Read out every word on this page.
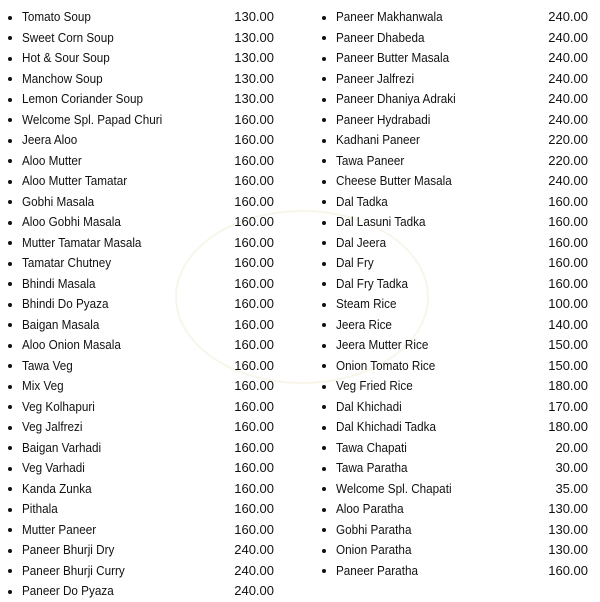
Tomato Soup	130.00
Sweet Corn Soup	130.00
Hot & Sour Soup	130.00
Manchow Soup	130.00
Lemon Coriander Soup	130.00
Welcome Spl. Papad Churi	160.00
Jeera Aloo	160.00
Aloo Mutter	160.00
Aloo Mutter Tamatar	160.00
Gobhi Masala	160.00
Aloo Gobhi Masala	160.00
Mutter Tamatar Masala	160.00
Tamatar Chutney	160.00
Bhindi Masala	160.00
Bhindi Do Pyaza	160.00
Baigan Masala	160.00
Aloo Onion Masala	160.00
Tawa Veg	160.00
Mix Veg	160.00
Veg Kolhapuri	160.00
Veg Jalfrezi	160.00
Baigan Varhadi	160.00
Veg Varhadi	160.00
Kanda Zunka	160.00
Pithala	160.00
Mutter Paneer	160.00
Paneer Bhurji Dry	240.00
Paneer Bhurji Curry	240.00
Paneer Do Pyaza	240.00
Paneer Makhanwala	240.00
Paneer Dhabeda	240.00
Paneer Butter Masala	240.00
Paneer Jalfrezi	240.00
Paneer Dhaniya Adraki	240.00
Paneer Hydrabadi	240.00
Kadhani Paneer	220.00
Tawa Paneer	220.00
Cheese Butter Masala	240.00
Dal Tadka	160.00
Dal Lasuni Tadka	160.00
Dal Jeera	160.00
Dal Fry	160.00
Dal Fry Tadka	160.00
Steam Rice	100.00
Jeera Rice	140.00
Jeera Mutter Rice	150.00
Onion Tomato Rice	150.00
Veg Fried Rice	180.00
Dal Khichadi	170.00
Dal Khichadi Tadka	180.00
Tawa Chapati	20.00
Tawa Paratha	30.00
Welcome Spl. Chapati	35.00
Aloo Paratha	130.00
Gobhi Paratha	130.00
Onion Paratha	130.00
Paneer Paratha	160.00
